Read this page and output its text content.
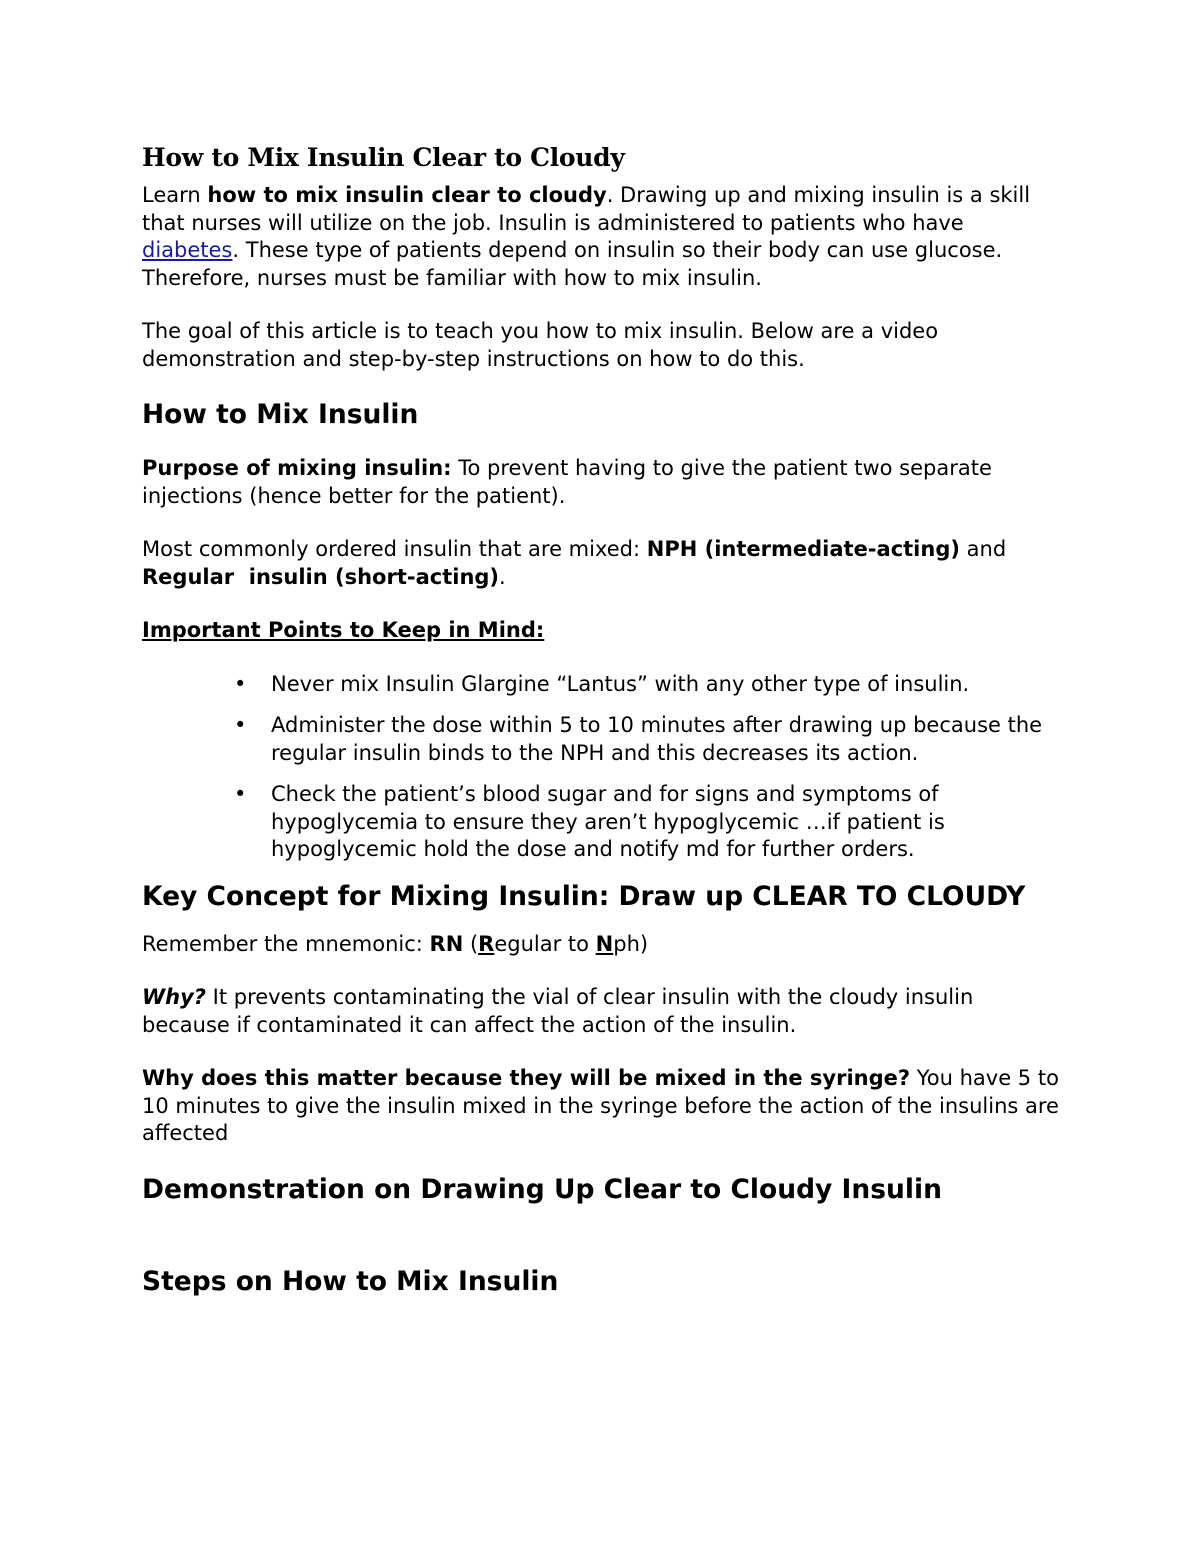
How to Mix Insulin Clear to Cloudy

Learn how to mix insulin clear to cloudy. Drawing up and mixing insulin is a skill that nurses will utilize on the job. Insulin is administered to patients who have diabetes. These type of patients depend on insulin so their body can use glucose. Therefore, nurses must be familiar with how to mix insulin.

The goal of this article is to teach you how to mix insulin. Below are a video demonstration and step-by-step instructions on how to do this.

How to Mix Insulin

Purpose of mixing insulin: To prevent having to give the patient two separate injections (hence better for the patient).

Most commonly ordered insulin that are mixed: NPH (intermediate-acting) and Regular  insulin (short-acting).

Important Points to Keep in Mind:

• Never mix Insulin Glargine “Lantus” with any other type of insulin.
• Administer the dose within 5 to 10 minutes after drawing up because the regular insulin binds to the NPH and this decreases its action.
• Check the patient’s blood sugar and for signs and symptoms of hypoglycemia to ensure they aren’t hypoglycemic …if patient is hypoglycemic hold the dose and notify md for further orders.
Key Concept for Mixing Insulin: Draw up CLEAR TO CLOUDY

Remember the mnemonic: RN (Regular to Nph)

Why? It prevents contaminating the vial of clear insulin with the cloudy insulin because if contaminated it can affect the action of the insulin.

Why does this matter because they will be mixed in the syringe? You have 5 to 10 minutes to give the insulin mixed in the syringe before the action of the insulins are affected

Demonstration on Drawing Up Clear to Cloudy Insulin
Steps on How to Mix Insulin
